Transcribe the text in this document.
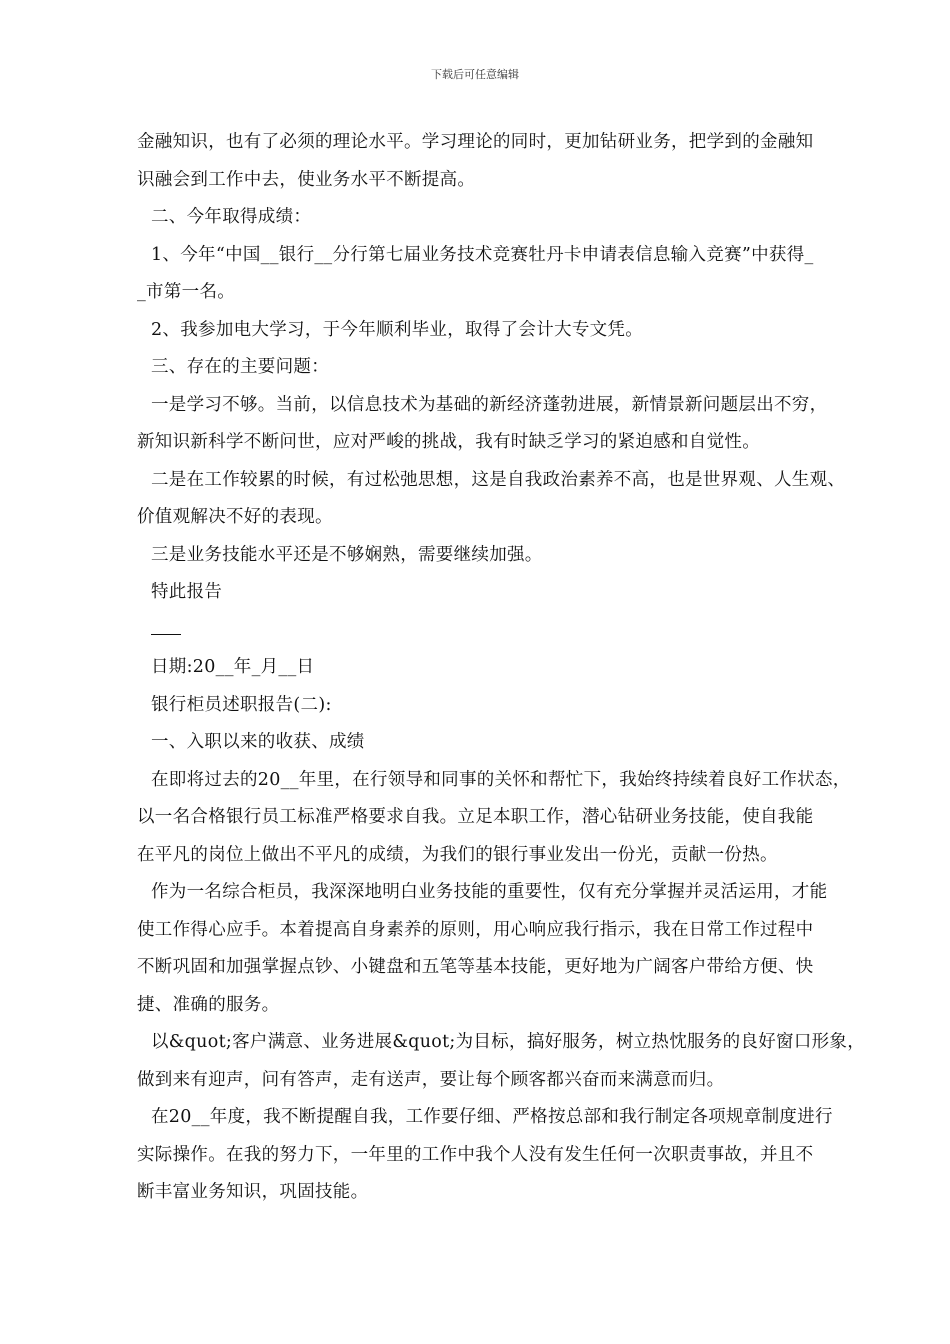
下载后可任意编辑

金融知识，也有了必须的理论水平。学习理论的同时，更加钻研业务，把学到的金融知

识融会到工作中去，使业务水平不断提高。

二、今年取得成绩：

1、今年“中国__银行__分行第七届业务技术竞赛牡丹卡申请表信息输入竞赛”中获得_

_市第一名。

2、我参加电大学习，于今年顺利毕业，取得了会计大专文凭。

三、存在的主要问题：

一是学习不够。当前，以信息技术为基础的新经济蓬勃进展，新情景新问题层出不穷，

新知识新科学不断问世，应对严峻的挑战，我有时缺乏学习的紧迫感和自觉性。

二是在工作较累的时候，有过松弛思想，这是自我政治素养不高，也是世界观、人生观、

价值观解决不好的表现。

三是业务技能水平还是不够娴熟，需要继续加强。

特此报告

日期:20__年_月__日

银行柜员述职报告(二):

一、入职以来的收获、成绩

在即将过去的20__年里，在行领导和同事的关怀和帮忙下，我始终持续着良好工作状态，

以一名合格银行员工标准严格要求自我。立足本职工作，潜心钻研业务技能，使自我能

在平凡的岗位上做出不平凡的成绩，为我们的银行事业发出一份光，贡献一份热。

作为一名综合柜员，我深深地明白业务技能的重要性，仅有充分掌握并灵活运用，才能

使工作得心应手。本着提高自身素养的原则，用心响应我行指示，我在日常工作过程中

不断巩固和加强掌握点钞、小键盘和五笔等基本技能，更好地为广阔客户带给方便、快

捷、准确的服务。

以&quot;客户满意、业务进展&quot;为目标，搞好服务，树立热忱服务的良好窗口形象，

做到来有迎声，问有答声，走有送声，要让每个顾客都兴奋而来满意而归。

在20__年度，我不断提醒自我，工作要仔细、严格按总部和我行制定各项规章制度进行

实际操作。在我的努力下，一年里的工作中我个人没有发生任何一次职责事故，并且不

断丰富业务知识，巩固技能。
